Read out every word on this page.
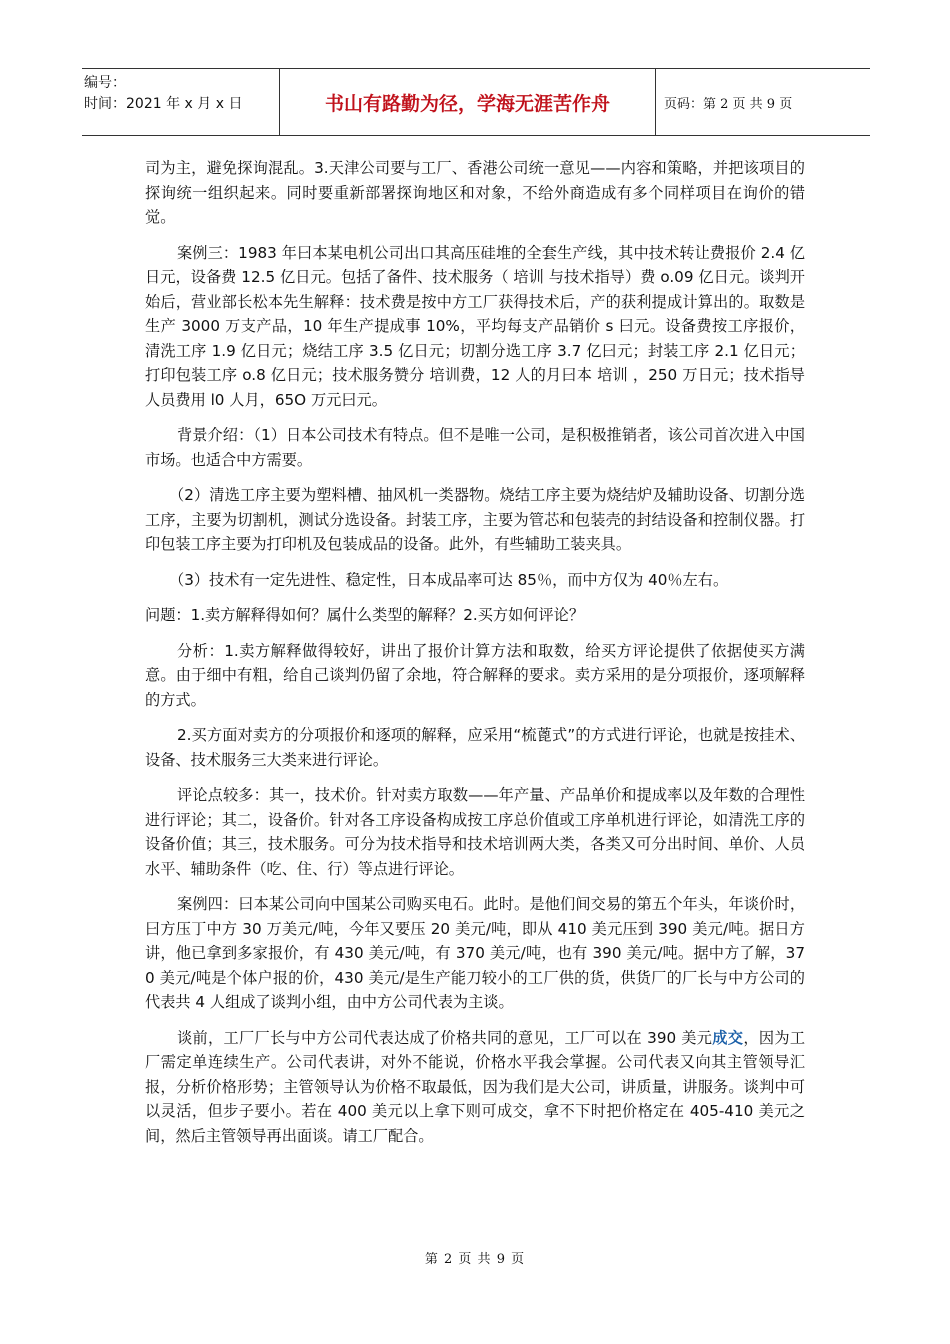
编号：
时间：2021 年 x 月 x 日	书山有路勤为径，学海无涯苦作舟	页码：第 2 页 共 9 页

司为主，避免探询混乱。3.天津公司要与工厂、香港公司统一意见——内容和策略，并把该项目的探询统一组织起来。同时要重新部署探询地区和对象，不给外商造成有多个同样项目在询价的错觉。

案例三：1983 年曰本某电机公司出口其高压硅堆的全套生产线，其中技术转让费报价 2.4 亿日元，设备费 12.5 亿日元。包括了备件、技术服务（ 培训 与技术指导）费 o.09 亿日元。谈判开始后，营业部长松本先生解释：技术费是按中方工厂获得技术后，产的获利提成计算出的。取数是生产 3000 万支产品，10 年生产提成事 10%，平均每支产品销价 s 曰元。设备费按工序报价，清洗工序 1.9 亿日元；烧结工序 3.5 亿日元；切割分选工序 3.7 亿曰元；封装工序 2.1 亿日元；打印包装工序 o.8 亿日元；技术服务赞分 培训费，12 人的月曰本 培训 ，250 万日元；技术指导人员费用 l0 人月，65O 万元曰元。

背景介绍：（1）日本公司技术有特点。但不是唯一公司，是积极推销者，该公司首次进入中国市场。也适合中方需要。

（2）清选工序主要为塑料槽、抽风机一类器物。烧结工序主要为烧结炉及辅助设备、切割分选工序，主要为切割机，测试分选设备。封装工序，主要为管芯和包装壳的封结设备和控制仪器。打印包装工序主要为打印机及包装成品的设备。此外，有些辅助工装夹具。

（3）技术有一定先进性、稳定性，日本成品率可达 85％，而中方仅为 40％左右。

问题：1.卖方解释得如何？属什么类型的解释？2.买方如何评论？

分析：1.卖方解释做得较好，讲出了报价计算方法和取数，给买方评论提供了依据使买方满意。由于细中有粗，给自己谈判仍留了余地，符合解释的要求。卖方采用的是分项报价，逐项解释的方式。

2.买方面对卖方的分项报价和逐项的解释，应采用“梳蓖式”的方式进行评论，也就是按挂术、设备、技术服务三大类来进行评论。

评论点较多：其一，技术价。针对卖方取数——年产量、产品单价和提成率以及年数的合理性进行评论；其二，设备价。针对各工序设备构成按工序总价值或工序单机进行评论，如清洗工序的设备价值；其三，技术服务。可分为技术指导和技术培训两大类，各类又可分出时间、单价、人员水平、辅助条件（吃、住、行）等点进行评论。

案例四：曰本某公司向中国某公司购买电石。此时。是他们间交易的第五个年头，年谈价时，曰方压丁中方 30 万美元/吨，今年又要压 20 美元/吨，即从 410 美元压到 390 美元/吨。据日方讲，他已拿到多家报价，有 430 美元/吨，有 370 美元/吨，也有 390 美元/吨。据中方了解，370 美元/吨是个体户报的价，430 美元/是生产能刀较小的工厂供的货，供货厂的厂长与中方公司的代表共 4 人组成了谈判小组，由中方公司代表为主谈。

谈前，工厂厂长与中方公司代表达成了价格共同的意见，工厂可以在 390 美元成交，因为工厂需定单连续生产。公司代表讲，对外不能说，价格水平我会掌握。公司代表又向其主管领导汇报，分析价格形势；主管领导认为价格不取最低，因为我们是大公司，讲质量，讲服务。谈判中可以灵活，但步子要小。若在 400 美元以上拿下则可成交，拿不下时把价格定在 405-410 美元之间，然后主管领导再出面谈。请工厂配合。

第 2 页 共 9 页
